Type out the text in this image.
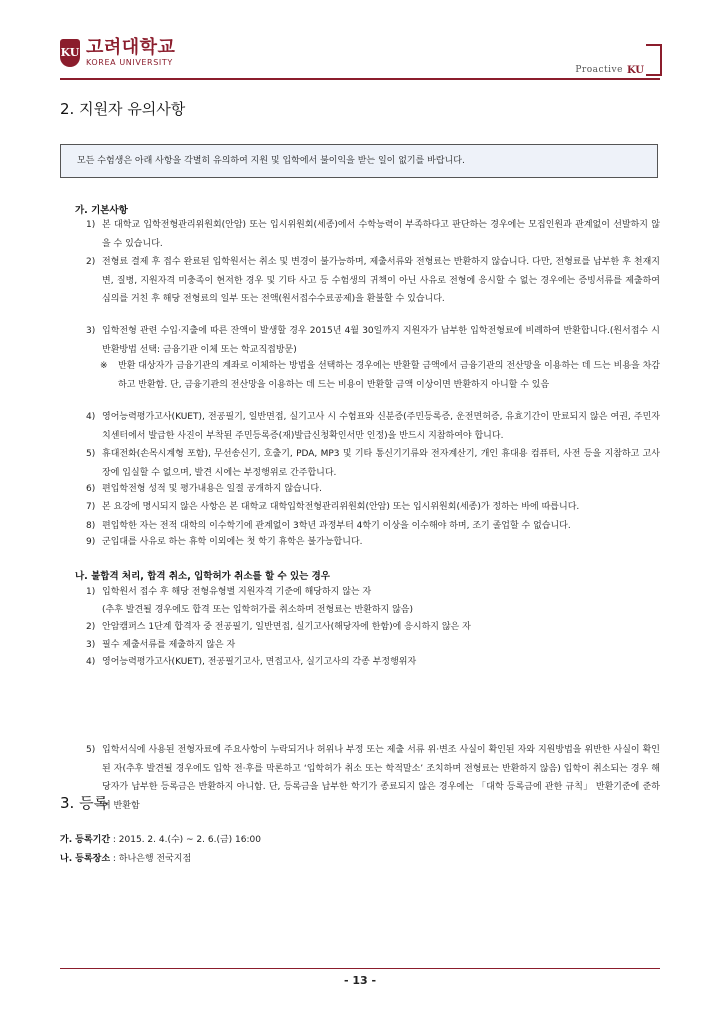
KU 고려대학교
KOREA UNIVERSITY
Proactive KU
2. 지원자 유의사항
모든 수험생은 아래 사항을 각별히 유의하여 지원 및 입학에서 불이익을 받는 일이 없기를 바랍니다.
가. 기본사항
1) 본 대학교 입학전형관리위원회(안암) 또는 입시위원회(세종)에서 수학능력이 부족하다고 판단하는 경우에는 모집인원과 관계없이 선발하지 않을 수 있습니다.
2) 전형료 결제 후 접수 완료된 입학원서는 취소 및 변경이 불가능하며, 제출서류와 전형료는 반환하지 않습니다. 다만, 전형료를 납부한 후 천재지변, 질병, 지원자격 미충족이 현저한 경우 및 기타 사고 등 수험생의 귀책이 아닌 사유로 전형에 응시할 수 없는 경우에는 증빙서류를 제출하여 심의를 거친 후 해당 전형료의 일부 또는 전액(원서접수수료공제)을 환불할 수 있습니다.
3) 입학전형 관련 수입·지출에 따른 잔액이 발생할 경우 2015년 4월 30일까지 지원자가 납부한 입학전형료에 비례하여 반환합니다.(원서접수 시 반환방법 선택: 금융기관 이체 또는 학교직접방문)
※	반환 대상자가 금융기관의 계좌로 이체하는 방법을 선택하는 경우에는 반환할 금액에서 금융기관의 전산망을 이용하는 데 드는 비용을 차감하고 반환함. 단, 금융기관의 전산망을 이용하는 데 드는 비용이 반환할 금액 이상이면 반환하지 아니할 수 있음
4) 영어능력평가고사(KUET), 전공필기, 일반면접, 실기고사 시 수험표와 신분증(주민등록증, 운전면허증, 유효기간이 만료되지 않은 여권, 주민자치센터에서 발급한 사진이 부착된 주민등록증(재)발급신청확인서만 인정)을 반드시 지참하여야 합니다.
5) 휴대전화(손목시계형 포함), 무선송신기, 호출기, PDA, MP3 및 기타 통신기기류와 전자계산기, 개인 휴대용 컴퓨터, 사전 등을 지참하고 고사장에 입실할 수 없으며, 발견 시에는 부정행위로 간주합니다.
6) 편입학전형 성적 및 평가내용은 일절 공개하지 않습니다.
7) 본 요강에 명시되지 않은 사항은 본 대학교 대학입학전형관리위원회(안암) 또는 입시위원회(세종)가 정하는 바에 따릅니다.
8) 편입학한 자는 전적 대학의 이수학기에 관계없이 3학년 과정부터 4학기 이상을 이수해야 하며, 조기 졸업할 수 없습니다.
9) 군입대를 사유로 하는 휴학 이외에는 첫 학기 휴학은 불가능합니다.
나. 불합격 처리, 합격 취소, 입학허가 취소를 할 수 있는 경우
1) 입학원서 접수 후 해당 전형유형별 지원자격 기준에 해당하지 않는 자
(추후 발견될 경우에도 합격 또는 입학허가를 취소하며 전형료는 반환하지 않음)
2) 안암캠퍼스 1단계 합격자 중 전공필기, 일반면접, 실기고사(해당자에 한함)에 응시하지 않은 자
3) 필수 제출서류를 제출하지 않은 자
4) 영어능력평가고사(KUET), 전공필기고사, 면접고사, 실기고사의 각종 부정행위자
5) 입학서식에 사용된 전형자료에 주요사항이 누락되거나 허위나 부정 또는 제출 서류 위·변조 사실이 확인된 자와 지원방법을 위반한 사실이 확인된 자(추후 발견될 경우에도 입학 전·후를 막론하고 ‘입학허가 취소 또는 학적말소’ 조치하며 전형료는 반환하지 않음) 입학이 취소되는 경우 해당자가 납부한 등록금은 반환하지 아니함. 단, 등록금을 납부한 학기가 종료되지 않은 경우에는 「대학 등록금에 관한 규칙」 반환기준에 준하여 반환함
3. 등록
가. 등록기간 : 2015. 2. 4.(수) ~ 2. 6.(금) 16:00
나. 등록장소 : 하나은행 전국지점
- 13 -
